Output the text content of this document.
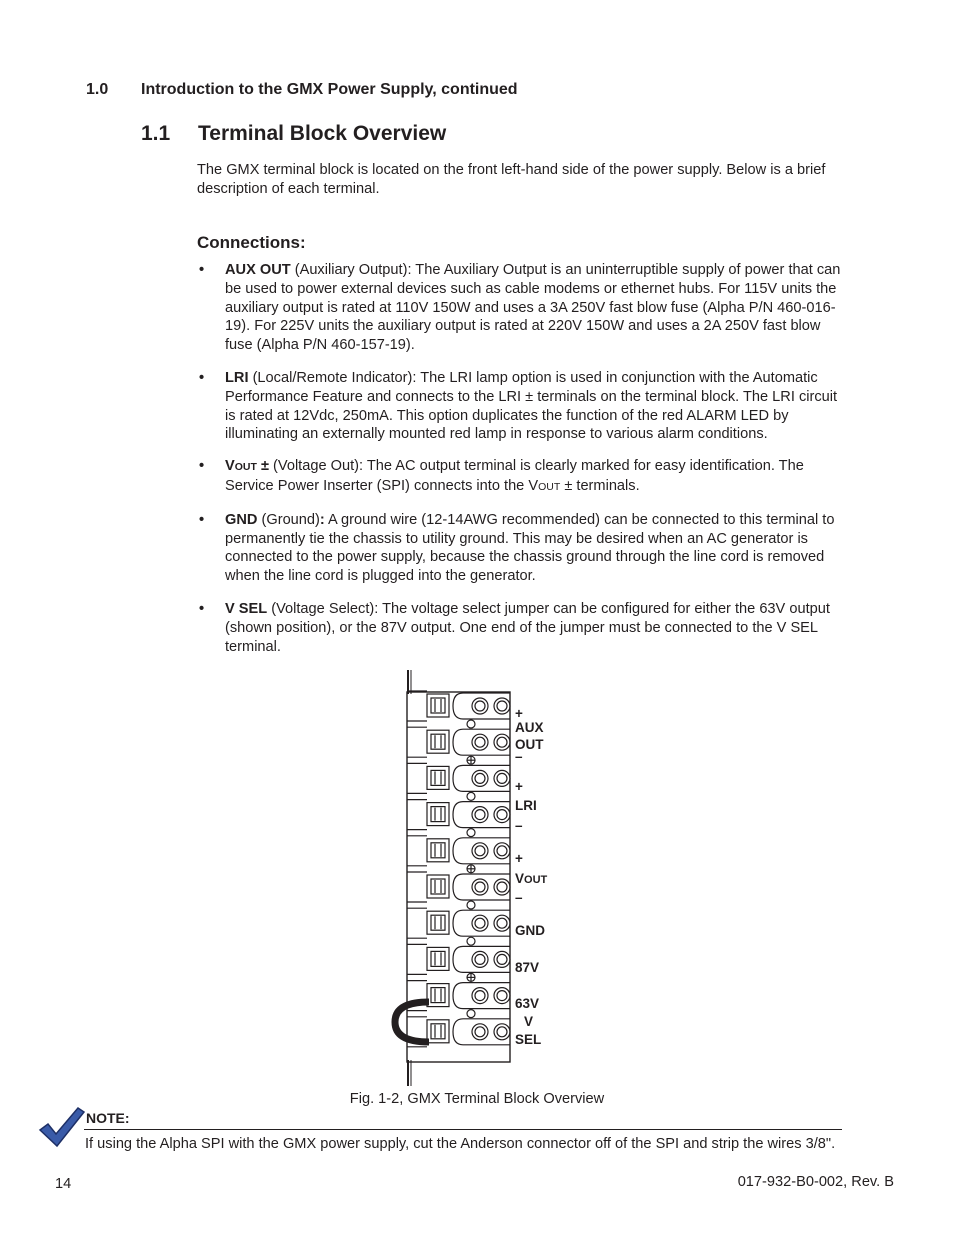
1.0 Introduction to the GMX Power Supply, continued
1.1 Terminal Block Overview
The GMX terminal block is located on the front left-hand side of the power supply. Below is a brief description of each terminal.
Connections:
• AUX OUT (Auxiliary Output): The Auxiliary Output is an uninterruptible supply of power that can be used to power external devices such as cable modems or ethernet hubs. For 115V units the auxiliary output is rated at 110V 150W and uses a 3A 250V fast blow fuse (Alpha P/N 460-016-19). For 225V units the auxiliary output is rated at 220V 150W and uses a 2A 250V fast blow fuse (Alpha P/N 460-157-19).
• LRI (Local/Remote Indicator): The LRI lamp option is used in conjunction with the Automatic Performance Feature and connects to the LRI ± terminals on the terminal block. The LRI circuit is rated at 12Vdc, 250mA. This option duplicates the function of the red ALARM LED by illuminating an externally mounted red lamp in response to various alarm conditions.
• VOUT ± (Voltage Out): The AC output terminal is clearly marked for easy identification. The Service Power Inserter (SPI) connects into the VOUT ± terminals.
• GND (Ground): A ground wire (12-14AWG recommended) can be connected to this terminal to permanently tie the chassis to utility ground. This may be desired when an AC generator is connected to the power supply, because the chassis ground through the line cord is removed when the line cord is plugged into the generator.
• V SEL (Voltage Select): The voltage select jumper can be configured for either the 63V output (shown position), or the 87V output. One end of the jumper must be connected to the V SEL terminal.
+
AUX
OUT
–
+
LRI
–
+
VOUT
–
GND
87V
63V
V
SEL
Fig. 1-2, GMX Terminal Block Overview
NOTE:
If using the Alpha SPI with the GMX power supply, cut the Anderson connector off of the SPI and strip the wires 3/8".
14	017-932-B0-002, Rev. B
